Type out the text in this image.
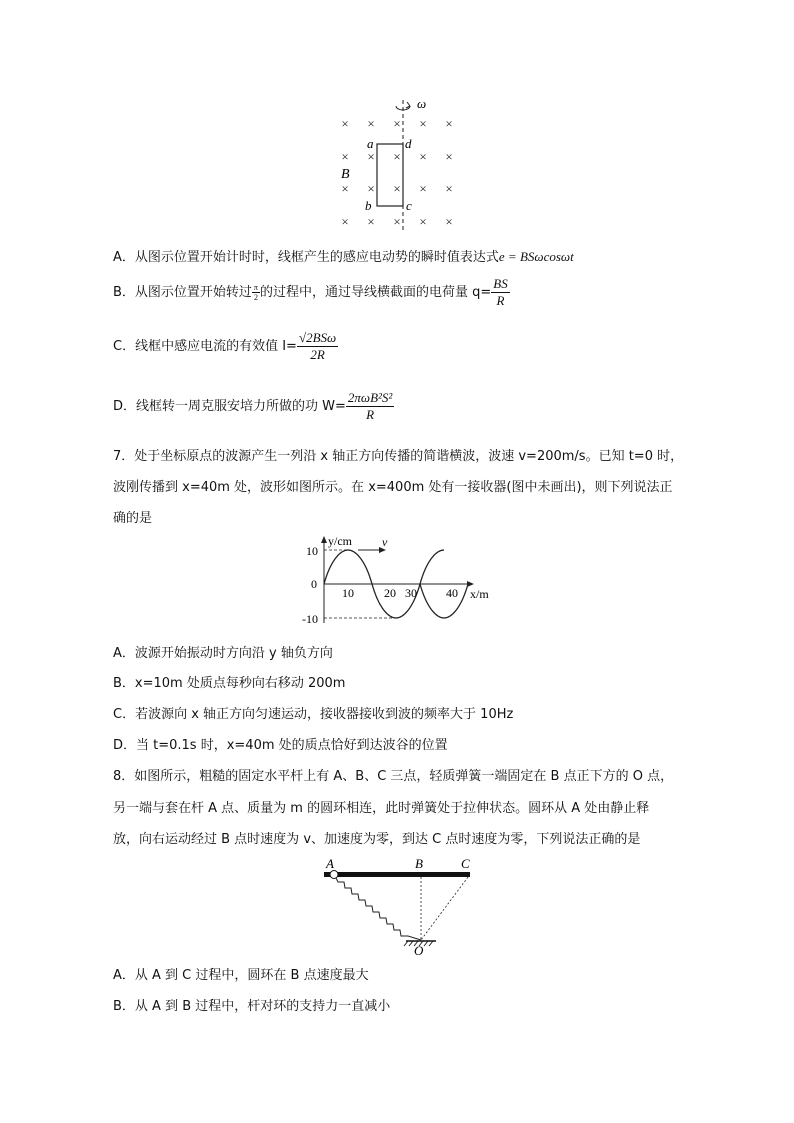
× × × × ×
× × × × ×
× × × × ×
× × × × ×
ω
a d
b	c
B
A．从图示位置开始计时时，线框产生的感应电动势的瞬时值表达式e = BSωcosωt
B．从图示位置开始转过 $\frac{\pi}{2}$ 的过程中，通过导线横截面的电荷量 $q= \frac{BS}{R}$
C．线框中感应电流的有效值 $I= \frac{\text{√2BSω}}{2R}$
D．线框转一周克服安培力所做的功 $W= \frac{\text{2πωB²S²}}{R}$
7．处于坐标原点的波源产生一列沿 x 轴正方向传播的简谐横波，波速 v=200m/s。已知 t=0 时，
波刚传播到 x=40m 处，波形如图所示。在 x=400m 处有一接收器(图中未画出)，则下列说法正
确的是
v
y/cm
x/m
10
0
-10
10	20 30 40
A．波源开始振动时方向沿 y 轴负方向
B．x=10m 处质点每秒向右移动 200m
C．若波源向 x 轴正方向匀速运动，接收器接收到波的频率大于 10Hz
D．当 t=0.1s 时，x=40m 处的质点恰好到达波谷的位置
8．如图所示，粗糙的固定水平杆上有 A、B、C 三点，轻质弹簧一端固定在 B 点正下方的 O 点，
另一端与套在杆 A 点、质量为 m 的圆环相连，此时弹簧处于拉伸状态。圆环从 A 处由静止释
放，向右运动经过 B 点时速度为 v、加速度为零，到达 C 点时速度为零，下列说法正确的是
A	B	C
O
A．从 A 到 C 过程中，圆环在 B 点速度最大
B．从 A 到 B 过程中，杆对环的支持力一直减小
